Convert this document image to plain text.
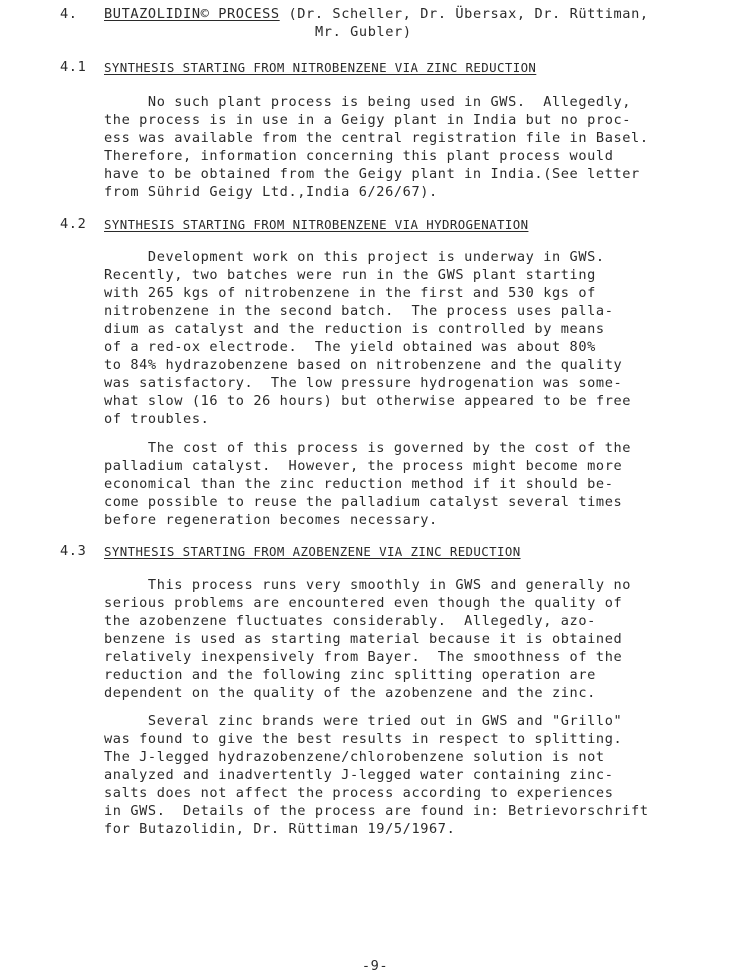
4. BUTAZOLIDIN© PROCESS (Dr. Scheller, Dr. Übersax, Dr. Rüttiman,
Mr. Gubler)
4.1 SYNTHESIS STARTING FROM NITROBENZENE VIA ZINC REDUCTION
No such plant process is being used in GWS.  Allegedly,
the process is in use in a Geigy plant in India but no proc-
ess was available from the central registration file in Basel.
Therefore, information concerning this plant process would
have to be obtained from the Geigy plant in India.(See letter
from Sührid Geigy Ltd.,India 6/26/67).
4.2 SYNTHESIS STARTING FROM NITROBENZENE VIA HYDROGENATION
Development work on this project is underway in GWS.
Recently, two batches were run in the GWS plant starting
with 265 kgs of nitrobenzene in the first and 530 kgs of
nitrobenzene in the second batch.  The process uses palla-
dium as catalyst and the reduction is controlled by means
of a red-ox electrode.  The yield obtained was about 80%
to 84% hydrazobenzene based on nitrobenzene and the quality
was satisfactory.  The low pressure hydrogenation was some-
what slow (16 to 26 hours) but otherwise appeared to be free
of troubles.
The cost of this process is governed by the cost of the
palladium catalyst.  However, the process might become more
economical than the zinc reduction method if it should be-
come possible to reuse the palladium catalyst several times
before regeneration becomes necessary.
4.3 SYNTHESIS STARTING FROM AZOBENZENE VIA ZINC REDUCTION
This process runs very smoothly in GWS and generally no
serious problems are encountered even though the quality of
the azobenzene fluctuates considerably.  Allegedly, azo-
benzene is used as starting material because it is obtained
relatively inexpensively from Bayer.  The smoothness of the
reduction and the following zinc splitting operation are
dependent on the quality of the azobenzene and the zinc.
Several zinc brands were tried out in GWS and "Grillo"
was found to give the best results in respect to splitting.
The J-legged hydrazobenzene/chlorobenzene solution is not
analyzed and inadvertently J-legged water containing zinc-
salts does not affect the process according to experiences
in GWS.  Details of the process are found in: Betrievorschrift
for Butazolidin, Dr. Rüttiman 19/5/1967.
-9-
